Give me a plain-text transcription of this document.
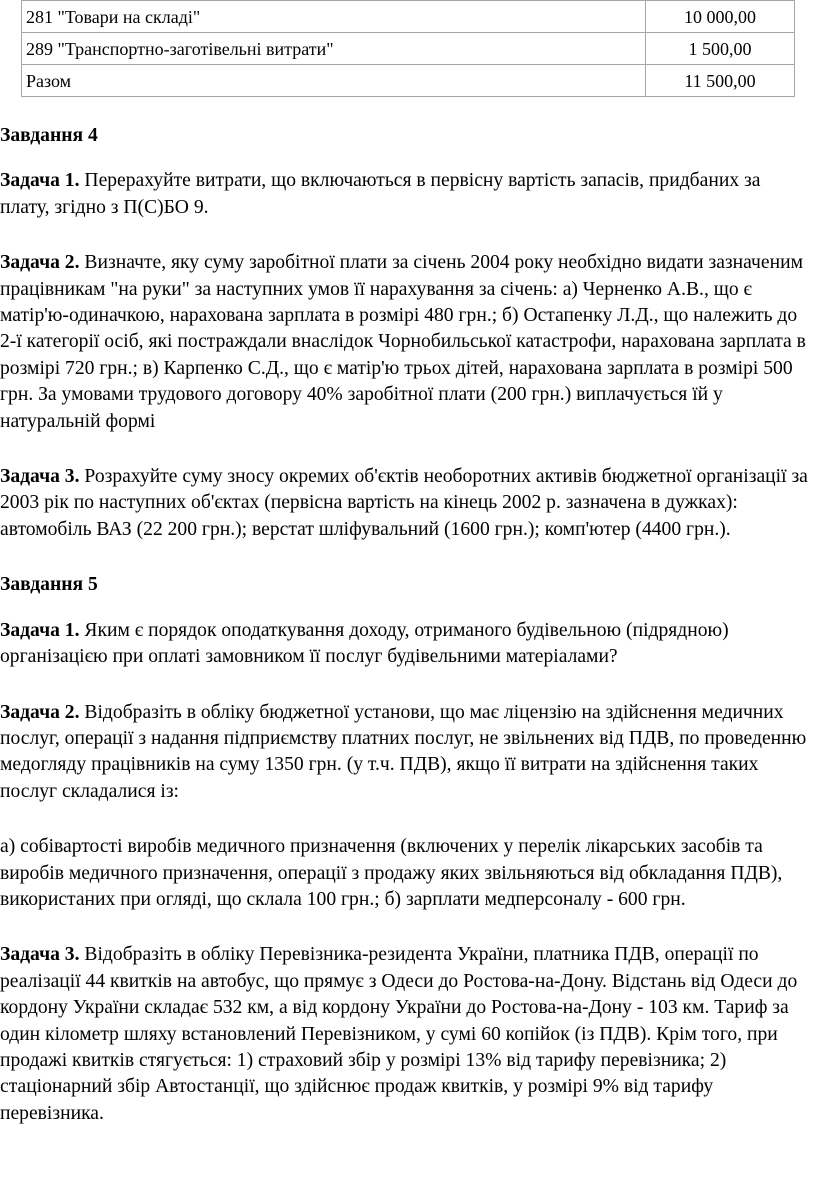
281 "Товари на складі"	10 000,00
289 "Транспортно-заготівельні витрати"	1 500,00
Разом	11 500,00
Завдання 4

Задача 1. Перерахуйте витрати, що включаються в первісну вартість запасів, придбаних за плату, згідно з П(С)БО 9.

Задача 2. Визначте, яку суму заробітної плати за січень 2004 року необхідно видати зазначеним працівникам "на руки" за наступних умов її нарахування за січень: а) Черненко А.В., що є матір'ю-одиначкою, нарахована зарплата в розмірі 480 грн.; б) Остапенку Л.Д., що належить до 2-ї категорії осіб, які постраждали внаслідок Чорнобильської катастрофи, нарахована зарплата в розмірі 720 грн.; в) Карпенко С.Д., що є матір'ю трьох дітей, нарахована зарплата в розмірі 500 грн. За умовами трудового договору 40% заробітної плати (200 грн.) виплачується їй у натуральній формі

Задача 3. Розрахуйте суму зносу окремих об'єктів необоротних активів бюджетної організації за 2003 рік по наступних об'єктах (первісна вартість на кінець 2002 р. зазначена в дужках): автомобіль ВАЗ (22 200 грн.); верстат шліфувальний (1600 грн.); комп'ютер (4400 грн.).

Завдання 5

Задача 1. Яким є порядок оподаткування доходу, отриманого будівельною (підрядною) організацією при оплаті замовником її послуг будівельними матеріалами?

Задача 2. Відобразіть в обліку бюджетної установи, що має ліцензію на здійснення медичних послуг, операції з надання підприємству платних послуг, не звільнених від ПДВ, по проведенню медогляду працівників на суму 1350 грн. (у т.ч. ПДВ), якщо її витрати на здійснення таких послуг складалися із:

а) собівартості виробів медичного призначення (включених у перелік лікарських засобів та виробів медичного призначення, операції з продажу яких звільняються від обкладання ПДВ), використаних при огляді, що склала 100 грн.; б) зарплати медперсоналу - 600 грн.

Задача 3. Відобразіть в обліку Перевізника-резидента України, платника ПДВ, операції по реалізації 44 квитків на автобус, що прямує з Одеси до Ростова-на-Дону. Відстань від Одеси до кордону України складає 532 км, а від кордону України до Ростова-на-Дону - 103 км. Тариф за один кілометр шляху встановлений Перевізником, у сумі 60 копійок (із ПДВ). Крім того, при продажі квитків стягується: 1) страховий збір у розмірі 13% від тарифу перевізника; 2) стаціонарний збір Автостанції, що здійснює продаж квитків, у розмірі 9% від тарифу перевізника.
